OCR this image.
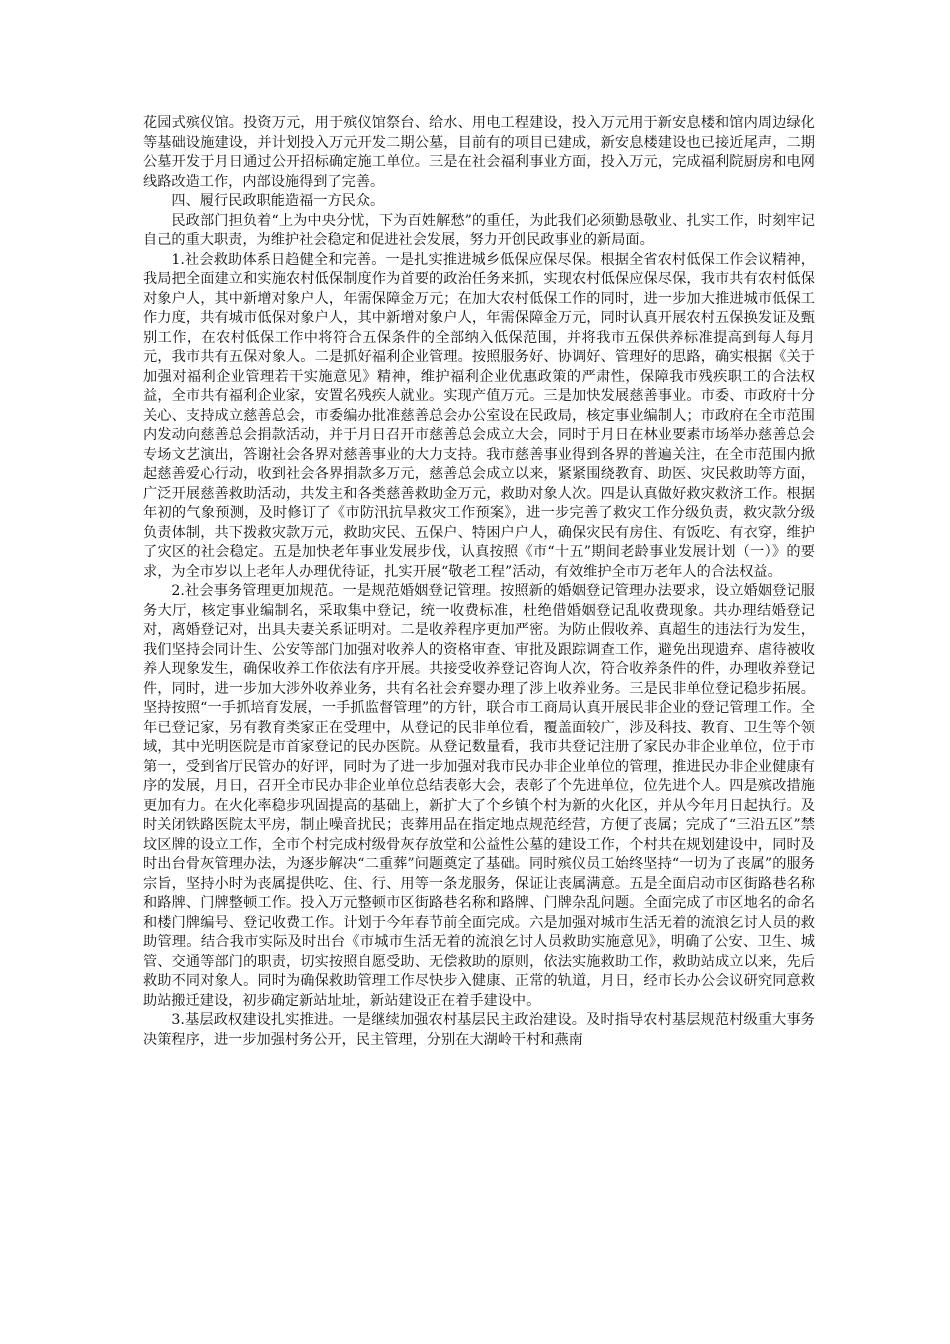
花园式殡仪馆。投资万元，用于殡仪馆祭台、给水、用电工程建设，投入万元用于新安息楼和馆内周边绿化等基础设施建设，并计划投入万元开发二期公墓，目前有的项目已建成，新安息楼建设也已接近尾声，二期公墓开发于月日通过公开招标确定施工单位。三是在社会福利事业方面，投入万元，完成福利院厨房和电网线路改造工作，内部设施得到了完善。

四、履行民政职能造福一方民众。

民政部门担负着“上为中央分忧，下为百姓解愁”的重任，为此我们必须勤恳敬业、扎实工作，时刻牢记自己的重大职责，为维护社会稳定和促进社会发展，努力开创民政事业的新局面。

1.社会救助体系日趋健全和完善。一是扎实推进城乡低保应保尽保。根据全省农村低保工作会议精神，我局把全面建立和实施农村低保制度作为首要的政治任务来抓，实现农村低保应保尽保，我市共有农村低保对象户人，其中新增对象户人，年需保障金万元；在加大农村低保工作的同时，进一步加大推进城市低保工作力度，共有城市低保对象户人，其中新增对象户人，年需保障金万元，同时认真开展农村五保换发证及甄别工作，在农村低保工作中将符合五保条件的全部纳入低保范围，并将我市五保供养标准提高到每人每月元，我市共有五保对象人。二是抓好福利企业管理。按照服务好、协调好、管理好的思路，确实根据《关于加强对福利企业管理若干实施意见》精神，维护福利企业优惠政策的严肃性，保障我市残疾职工的合法权益，全市共有福利企业家，安置名残疾人就业。实现产值万元。三是加快发展慈善事业。市委、市政府十分关心、支持成立慈善总会，市委编办批准慈善总会办公室设在民政局，核定事业编制人；市政府在全市范围内发动向慈善总会捐款活动，并于月日召开市慈善总会成立大会，同时于月日在林业要素市场举办慈善总会专场文艺演出，答谢社会各界对慈善事业的大力支持。我市慈善事业得到各界的普遍关注，在全市范围内掀起慈善爱心行动，收到社会各界捐款多万元，慈善总会成立以来，紧紧围绕教育、助医、灾民救助等方面，广泛开展慈善救助活动，共发主和各类慈善救助金万元，救助对象人次。四是认真做好救灾救济工作。根据年初的气象预测，及时修订了《市防汛抗旱救灾工作预案》，进一步完善了救灾工作分级负责，救灾款分级负责体制，共下拨救灾款万元，救助灾民、五保户、特困户户人，确保灾民有房住、有饭吃、有衣穿，维护了灾区的社会稳定。五是加快老年事业发展步伐，认真按照《市“十五”期间老龄事业发展计划（一）》的要求，为全市岁以上老年人办理优待证，扎实开展“敬老工程”活动，有效维护全市万老年人的合法权益。

2.社会事务管理更加规范。一是规范婚姻登记管理。按照新的婚姻登记管理办法要求，设立婚姻登记服务大厅，核定事业编制名，采取集中登记，统一收费标准，杜绝借婚姻登记乱收费现象。共办理结婚登记对，离婚登记对，出具夫妻关系证明对。二是收养程序更加严密。为防止假收养、真超生的违法行为发生，我们坚持会同计生、公安等部门加强对收养人的资格审查、审批及跟踪调查工作，避免出现遗弃、虐待被收养人现象发生，确保收养工作依法有序开展。共接受收养登记咨询人次，符合收养条件的件，办理收养登记件，同时，进一步加大涉外收养业务，共有名社会弃婴办理了涉上收养业务。三是民非单位登记稳步拓展。坚持按照“一手抓培育发展，一手抓监督管理”的方针，联合市工商局认真开展民非企业的登记管理工作。全年已登记家，另有教育类家正在受理中，从登记的民非单位看，覆盖面较广，涉及科技、教育、卫生等个领域，其中光明医院是市首家登记的民办医院。从登记数量看，我市共登记注册了家民办非企业单位，位于市第一，受到省厅民管办的好评，同时为了进一步加强对我市民办非企业单位的管理，推进民办非企业健康有序的发展，月日，召开全市民办非企业单位总结表彰大会，表彰了个先进单位，位先进个人。四是殡改措施更加有力。在火化率稳步巩固提高的基础上，新扩大了个乡镇个村为新的火化区，并从今年月日起执行。及时关闭铁路医院太平房，制止噪音扰民；丧葬用品在指定地点规范经营，方便了丧属；完成了“三沿五区”禁坟区牌的设立工作，全市个村完成村级骨灰存放堂和公益性公墓的建设工作，个村共在规划建设中，同时及时出台骨灰管理办法，为逐步解决“二重葬”问题奠定了基础。同时殡仪员工始终坚持“一切为了丧属”的服务宗旨，坚持小时为丧属提供吃、住、行、用等一条龙服务，保证让丧属满意。五是全面启动市区街路巷名称和路牌、门牌整顿工作。投入万元整顿市区街路巷名称和路牌、门牌杂乱问题。全面完成了市区地名的命名和楼门牌编号、登记收费工作。计划于今年春节前全面完成。六是加强对城市生活无着的流浪乞讨人员的救助管理。结合我市实际及时出台《市城市生活无着的流浪乞讨人员救助实施意见》，明确了公安、卫生、城管、交通等部门的职责，切实按照自愿受助、无偿救助的原则，依法实施救助工作，救助站成立以来，先后救助不同对象人。同时为确保救助管理工作尽快步入健康、正常的轨道，月日，经市长办公会议研究同意救助站搬迁建设，初步确定新站址址，新站建设正在着手建设中。

3.基层政权建设扎实推进。一是继续加强农村基层民主政治建设。及时指导农村基层规范村级重大事务决策程序，进一步加强村务公开，民主管理，分别在大湖岭干村和燕南
